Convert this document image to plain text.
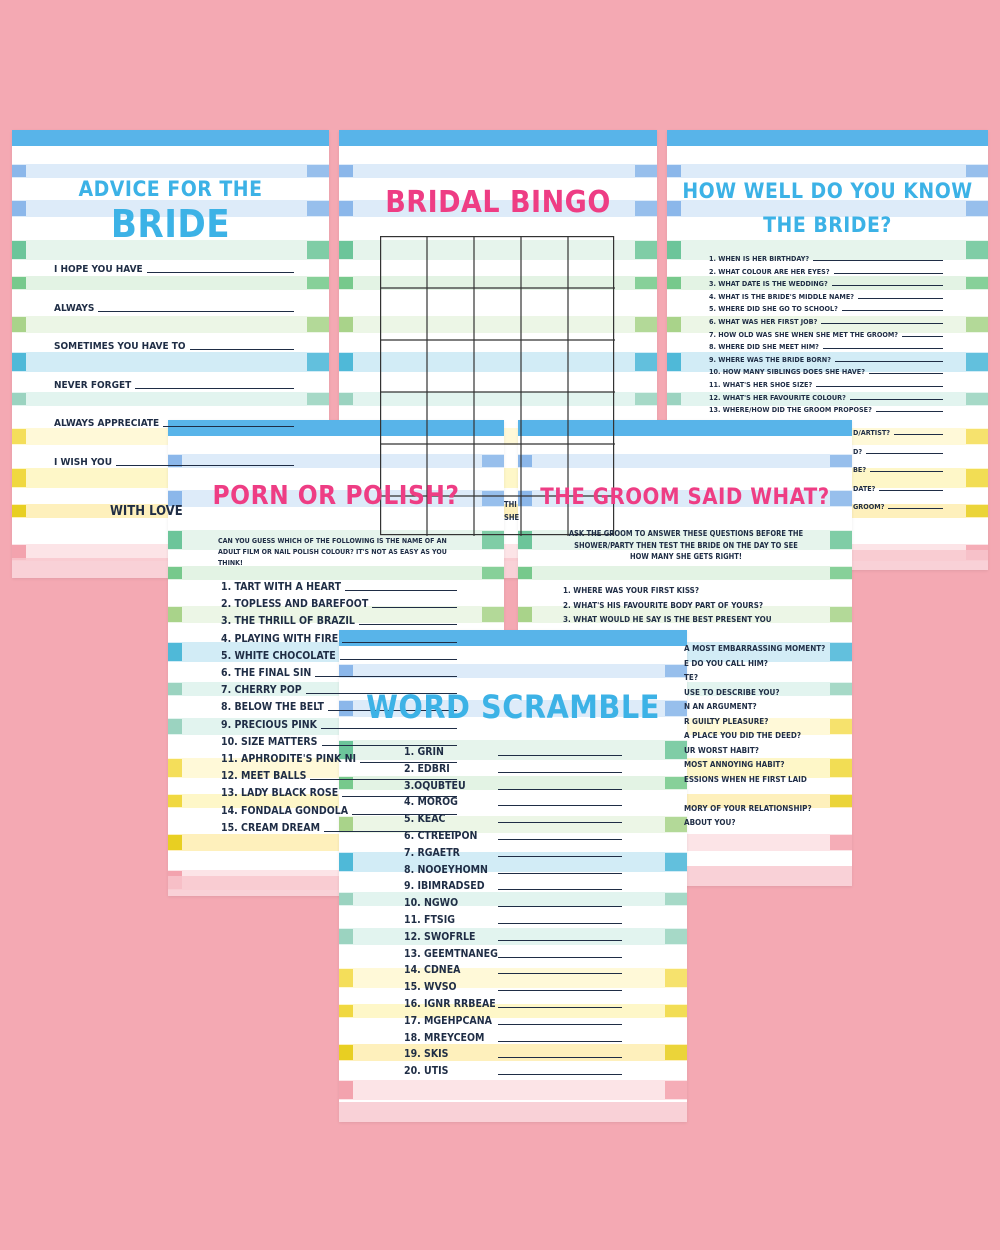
ADVICE FOR THE
BRIDE
I HOPE YOU HAVE
ALWAYS
SOMETIMES YOU HAVE TO
NEVER FORGET
ALWAYS APPRECIATE
I WISH YOU
WITH LOVE
BRIDAL BINGO
THI
SHE
HOW WELL DO YOU KNOW
THE BRIDE?
1. WHEN IS HER BIRTHDAY?
2. WHAT COLOUR ARE HER EYES?
3. WHAT DATE IS THE WEDDING?
4. WHAT IS THE BRIDE'S MIDDLE NAME?
5. WHERE DID SHE GO TO SCHOOL?
6. WHAT WAS HER FIRST JOB?
7. HOW OLD WAS SHE WHEN SHE MET THE GROOM?
8. WHERE DID SHE MEET HIM?
9. WHERE WAS THE BRIDE BORN?
10. HOW MANY SIBLINGS DOES SHE HAVE?
11. WHAT'S HER SHOE SIZE?
12. WHAT'S HER FAVOURITE COLOUR?
13. WHERE/HOW DID THE GROOM PROPOSE?
D/ARTIST?
D?
BE?
DATE?
GROOM?
PORN OR POLISH?
CAN YOU GUESS WHICH OF THE FOLLOWING IS THE NAME OF AN ADULT FILM OR NAIL POLISH COLOUR? IT'S NOT AS EASY AS YOU THINK!
1. TART WITH A HEART
2. TOPLESS AND BAREFOOT
3. THE THRILL OF BRAZIL
4. PLAYING WITH FIRE
5. WHITE CHOCOLATE
6. THE FINAL SIN
7. CHERRY POP
8. BELOW THE BELT
9. PRECIOUS PINK
10. SIZE MATTERS
11. APHRODITE'S PINK NI
12. MEET BALLS
13. LADY BLACK ROSE
14. FONDALA GONDOLA
15. CREAM DREAM
THE GROOM SAID WHAT?
ASK THE GROOM TO ANSWER THESE QUESTIONS BEFORE THE SHOWER/PARTY THEN TEST THE BRIDE ON THE DAY TO SEE HOW MANY SHE GETS RIGHT!
1. WHERE WAS YOUR FIRST KISS?
2. WHAT'S HIS FAVOURITE BODY PART OF YOURS?
3. WHAT WOULD HE SAY IS THE BEST PRESENT YOU
A MOST EMBARRASSING MOMENT?
E DO YOU CALL HIM?
TE?
USE TO DESCRIBE YOU?
N AN ARGUMENT?
R GUILTY PLEASURE?
A PLACE YOU DID THE DEED?
UR WORST HABIT?
MOST ANNOYING HABIT?
ESSIONS WHEN HE FIRST LAID
MORY OF YOUR RELATIONSHIP?
ABOUT YOU?
WORD SCRAMBLE
1. GRIN
2. EDBRI
3.OQUBTEU
4. MOROG
5. KEAC
6. CTREEIPON
7. RGAETR
8. NOOEYHOMN
9. IBIMRADSED
10. NGWO
11. FTSIG
12. SWOFRLE
13. GEEMTNANEG
14. CDNEA
15. WVSO
16. IGNR RRBEAE
17. MGEHPCANA
18. MREYCEOM
19. SKIS
20. UTIS
